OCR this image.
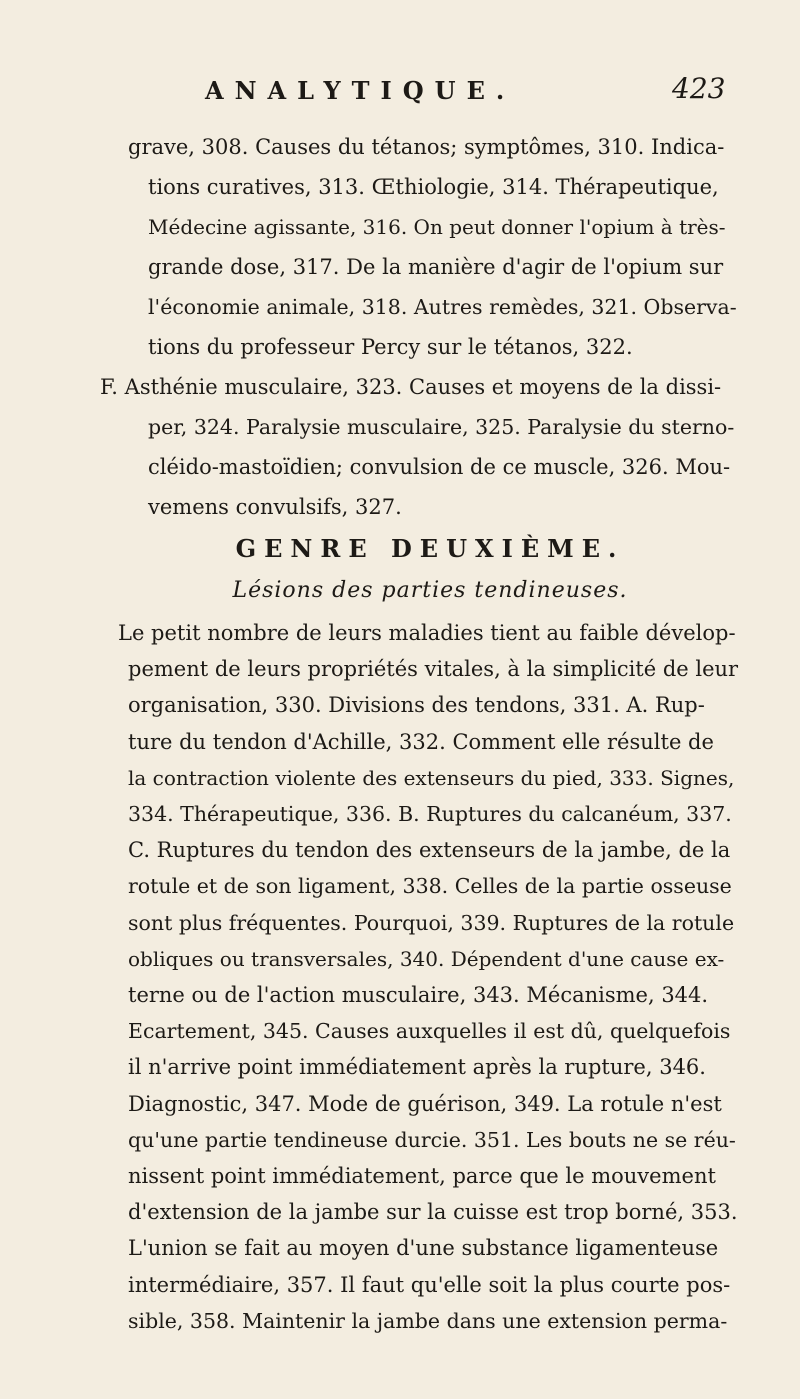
ANALYTIQUE.	423
grave, 308. Causes du tétanos; symptômes, 310. Indica-
tions curatives, 313. Œthiologie, 314. Thérapeutique,
Médecine agissante, 316. On peut donner l'opium à très-
grande dose, 317. De la manière d'agir de l'opium sur
l'économie animale, 318. Autres remèdes, 321. Observa-
tions du professeur Percy sur le tétanos, 322.
F. Asthénie musculaire, 323. Causes et moyens de la dissi-
per, 324. Paralysie musculaire, 325. Paralysie du sterno-
cléido-mastoïdien; convulsion de ce muscle, 326. Mou-
vemens convulsifs, 327.
GENRE DEUXIÈME.
Lésions des parties tendineuses.
Le petit nombre de leurs maladies tient au faible dévelop-
pement de leurs propriétés vitales, à la simplicité de leur
organisation, 330. Divisions des tendons, 331. A. Rup-
ture du tendon d'Achille, 332. Comment elle résulte de
la contraction violente des extenseurs du pied, 333. Signes,
334. Thérapeutique, 336. B. Ruptures du calcanéum, 337.
C. Ruptures du tendon des extenseurs de la jambe, de la
rotule et de son ligament, 338. Celles de la partie osseuse
sont plus fréquentes. Pourquoi, 339. Ruptures de la rotule
obliques ou transversales, 340. Dépendent d'une cause ex-
terne ou de l'action musculaire, 343. Mécanisme, 344.
Ecartement, 345. Causes auxquelles il est dû, quelquefois
il n'arrive point immédiatement après la rupture, 346.
Diagnostic, 347. Mode de guérison, 349. La rotule n'est
qu'une partie tendineuse durcie. 351. Les bouts ne se réu-
nissent point immédiatement, parce que le mouvement
d'extension de la jambe sur la cuisse est trop borné, 353.
L'union se fait au moyen d'une substance ligamenteuse
intermédiaire, 357. Il faut qu'elle soit la plus courte pos-
sible, 358. Maintenir la jambe dans une extension perma-
